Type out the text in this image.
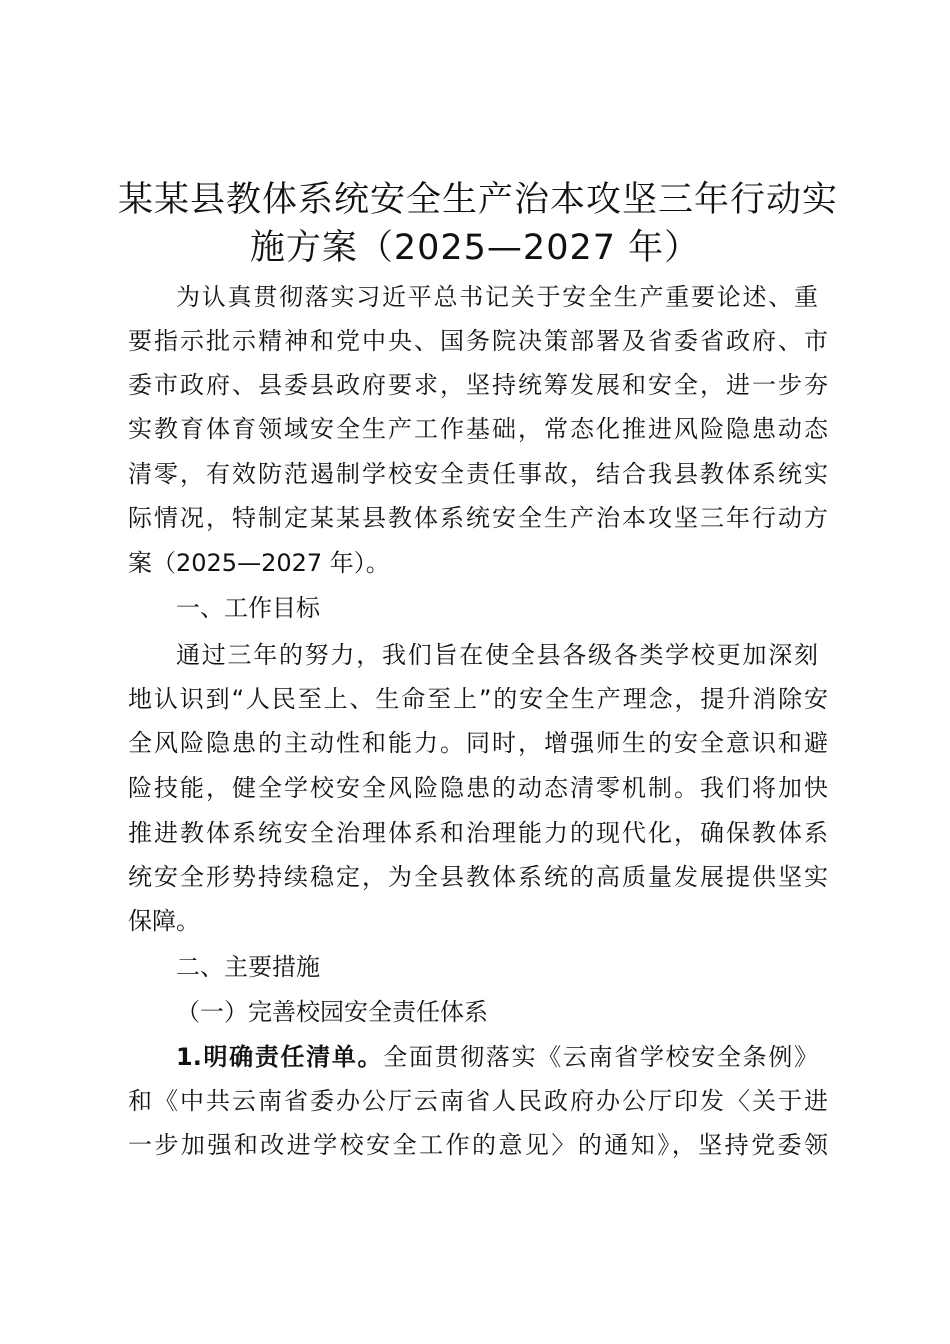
某某县教体系统安全生产治本攻坚三年行动实
施方案（2025—2027 年）
为认真贯彻落实习近平总书记关于安全生产重要论述、重
要指示批示精神和党中央、国务院决策部署及省委省政府、市
委市政府、县委县政府要求，坚持统筹发展和安全，进一步夯
实教育体育领域安全生产工作基础，常态化推进风险隐患动态
清零，有效防范遏制学校安全责任事故，结合我县教体系统实
际情况，特制定某某县教体系统安全生产治本攻坚三年行动方
案（2025—2027 年）。
一、工作目标
通过三年的努力，我们旨在使全县各级各类学校更加深刻
地认识到“人民至上、生命至上”的安全生产理念，提升消除安
全风险隐患的主动性和能力。同时，增强师生的安全意识和避
险技能，健全学校安全风险隐患的动态清零机制。我们将加快
推进教体系统安全治理体系和治理能力的现代化，确保教体系
统安全形势持续稳定，为全县教体系统的高质量发展提供坚实
保障。
二、主要措施
（一）完善校园安全责任体系
1.明确责任清单。全面贯彻落实《云南省学校安全条例》
和《中共云南省委办公厅云南省人民政府办公厅印发〈关于进
一步加强和改进学校安全工作的意见〉的通知》，坚持党委领
